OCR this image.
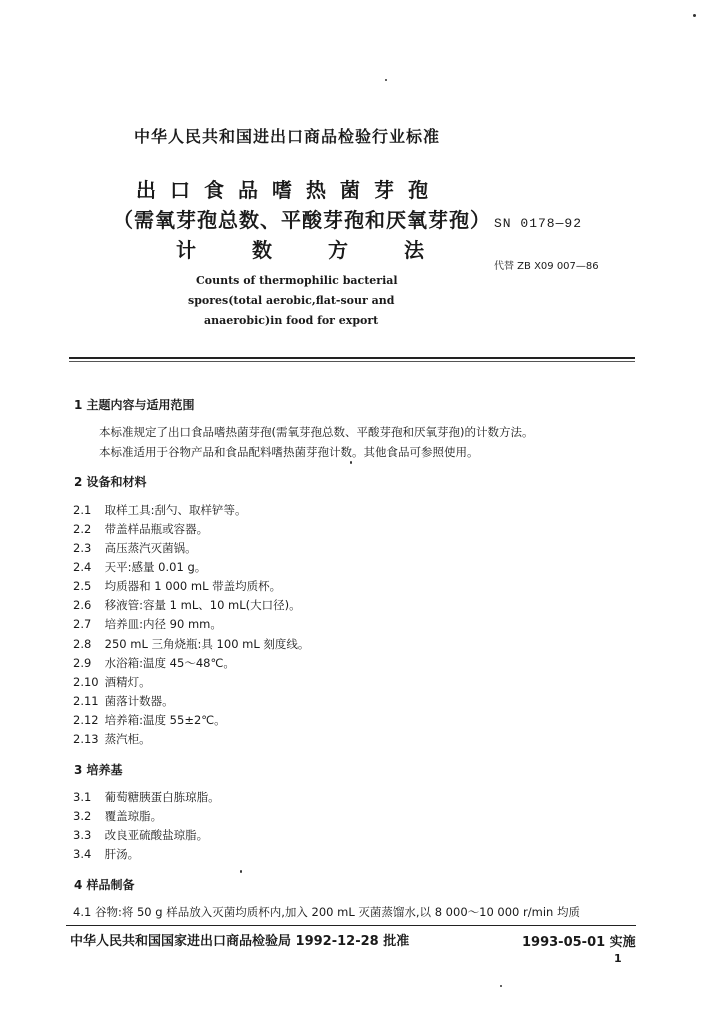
中华人民共和国进出口商品检验行业标准
出口食品嗜热菌芽孢
（需氧芽孢总数、平酸芽孢和厌氧芽孢）
计数方法
SN 0178—92
代替 ZB X09 007—86
Counts of thermophilic bacterial
spores(total aerobic,flat-sour and
anaerobic)in food for export
1 主题内容与适用范围
本标准规定了出口食品嗜热菌芽孢(需氧芽孢总数、平酸芽孢和厌氧芽孢)的计数方法。
本标准适用于谷物产品和食品配料嗜热菌芽孢计数。其他食品可参照使用。
2 设备和材料
2.1 取样工具:刮勺、取样铲等。
2.2 带盖样品瓶或容器。
2.3 高压蒸汽灭菌锅。
2.4 天平:感量 0.01 g。
2.5 均质器和 1 000 mL 带盖均质杯。
2.6 移液管:容量 1 mL、10 mL(大口径)。
2.7 培养皿:内径 90 mm。
2.8 250 mL 三角烧瓶:具 100 mL 刻度线。
2.9 水浴箱:温度 45～48℃。
2.10 酒精灯。
2.11 菌落计数器。
2.12 培养箱:温度 55±2℃。
2.13 蒸汽柜。
3 培养基
3.1 葡萄糖胰蛋白胨琼脂。
3.2 覆盖琼脂。
3.3 改良亚硫酸盐琼脂。
3.4 肝汤。
4 样品制备
4.1 谷物:将 50 g 样品放入灭菌均质杯内,加入 200 mL 灭菌蒸馏水,以 8 000～10 000 r/min 均质
中华人民共和国国家进出口商品检验局 1992-12-28 批准	1993-05-01 实施
1
